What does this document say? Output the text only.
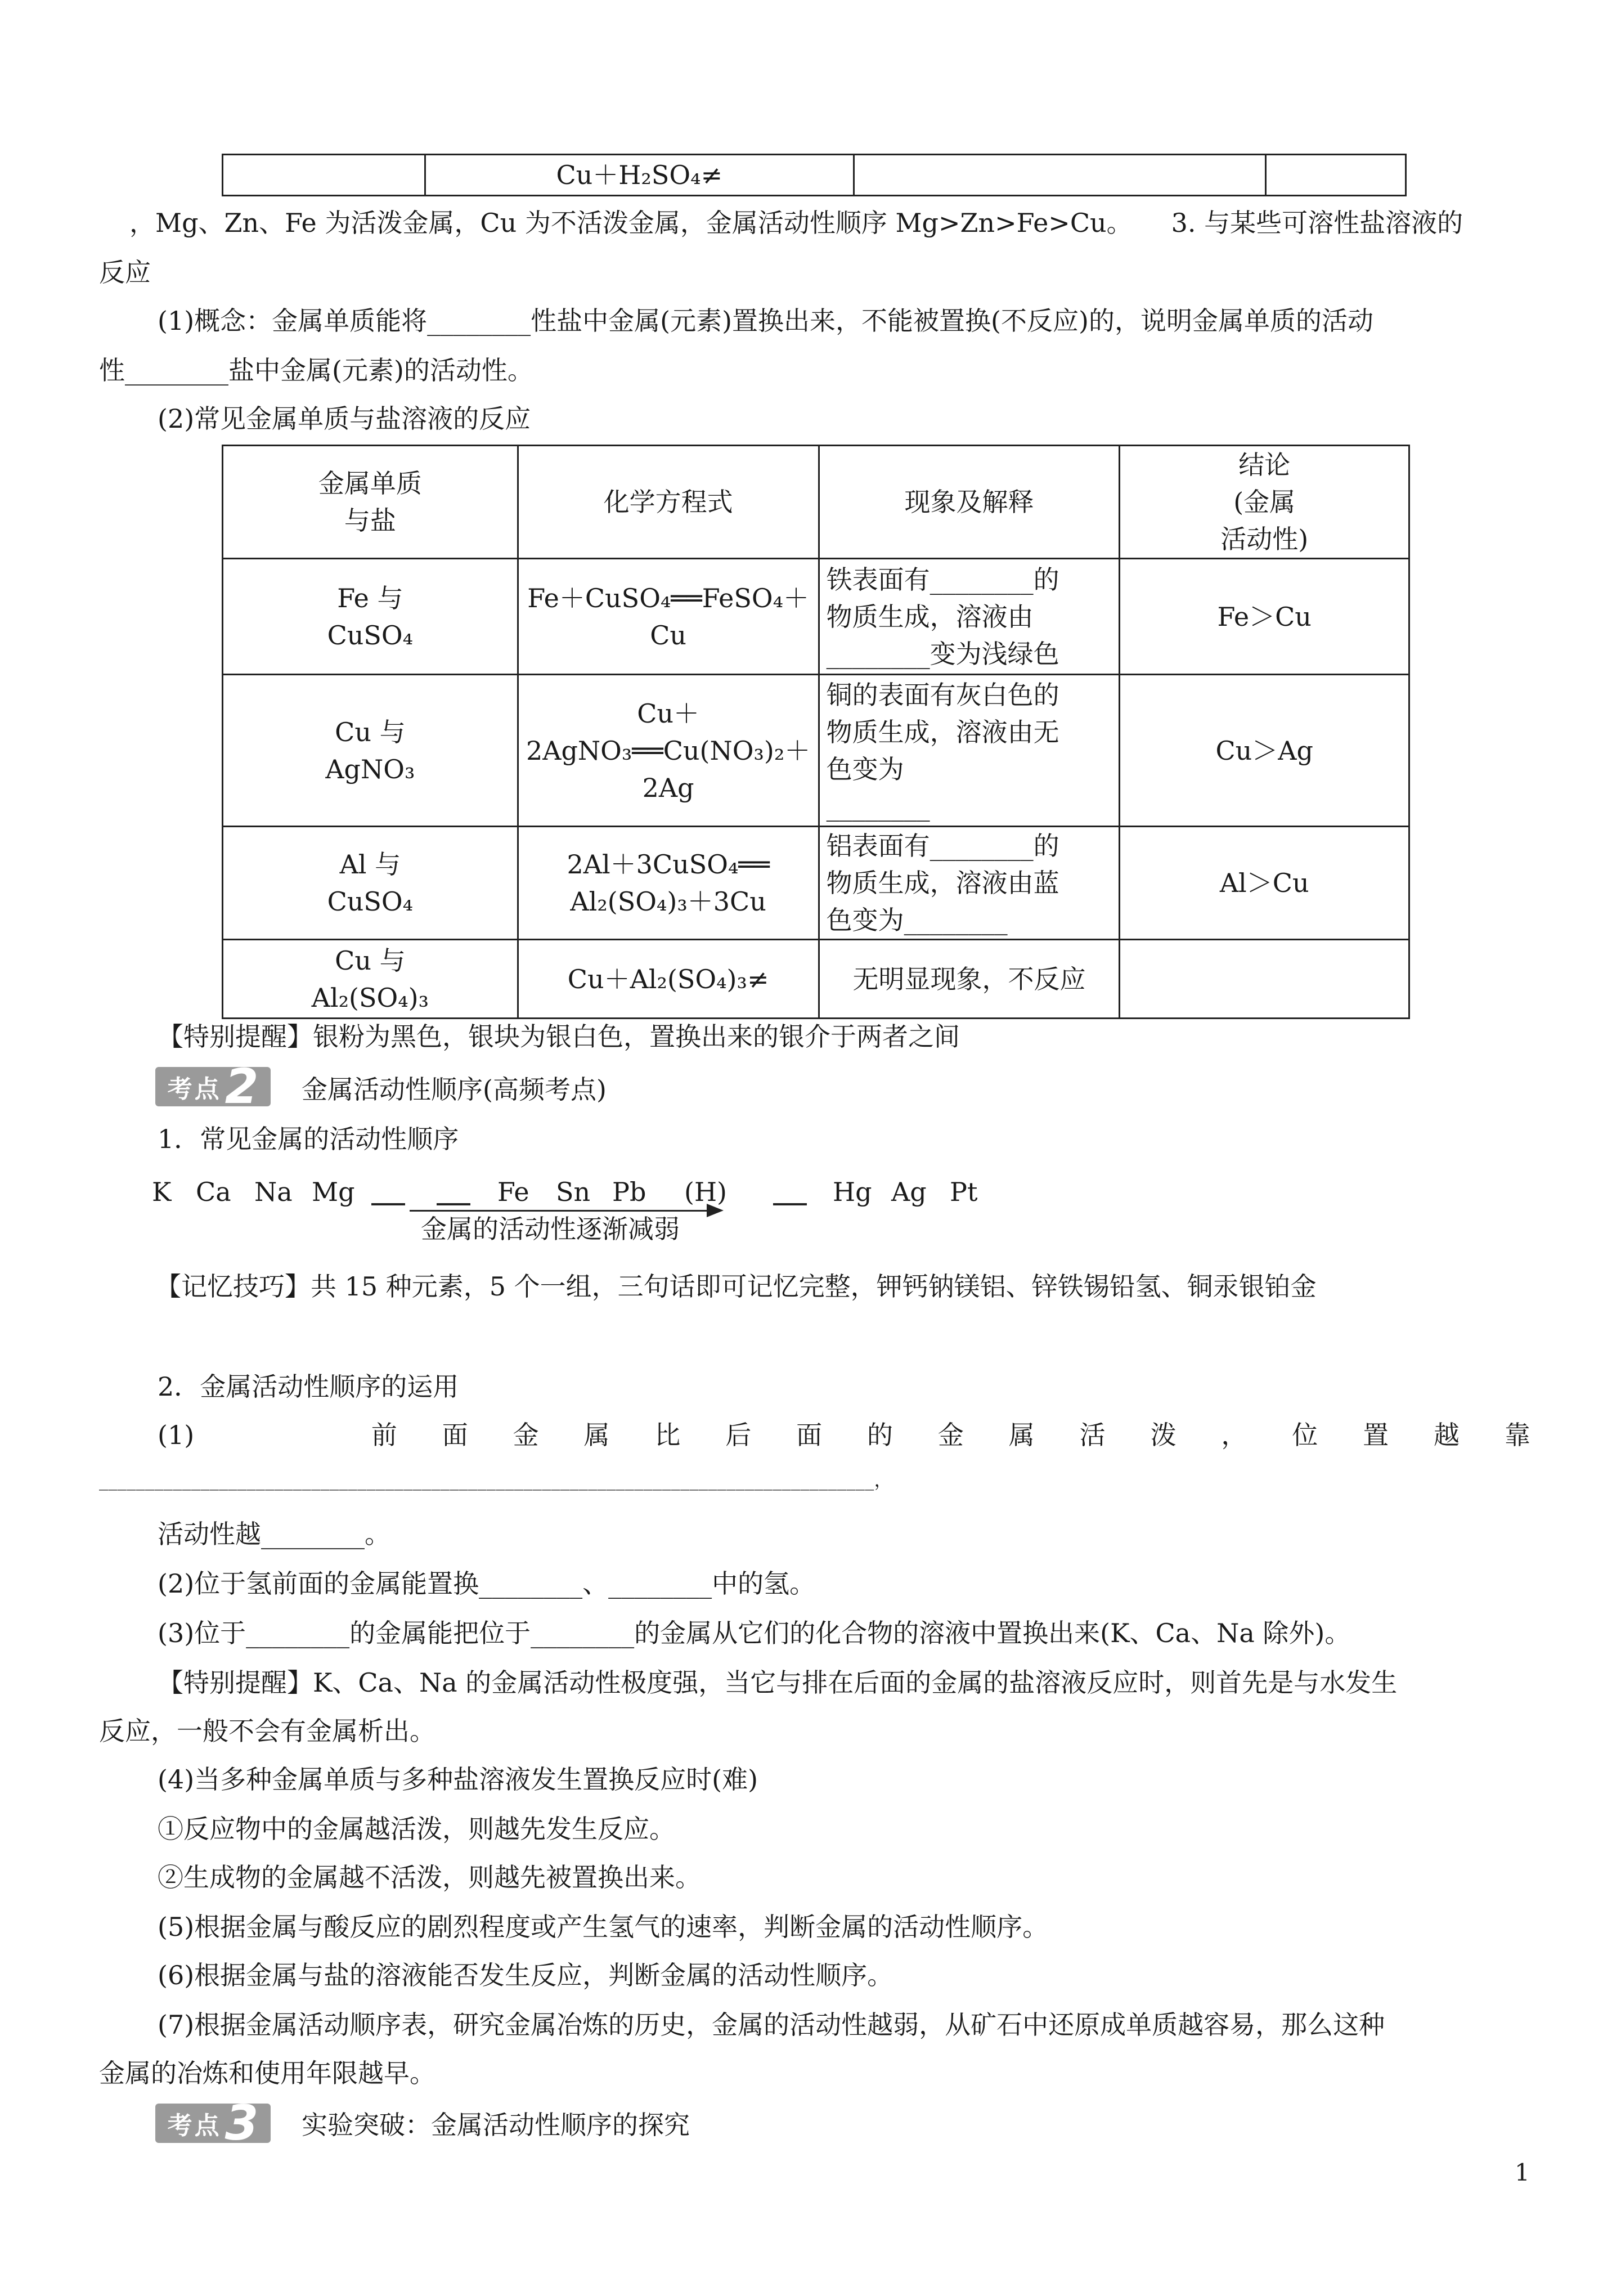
	Cu＋H₂SO₄≠		
，Mg、Zn、Fe 为活泼金属，Cu 为不活泼金属，金属活动性顺序 Mg>Zn>Fe>Cu。　　3. 与某些可溶性盐溶液的
反应
(1)概念：金属单质能将________性盐中金属(元素)置换出来，不能被置换(不反应)的，说明金属单质的活动
性________盐中金属(元素)的活动性。
(2)常见金属单质与盐溶液的反应
金属单质
与盐	化学方程式	现象及解释	结论
(金属
活动性)
Fe 与
CuSO₄	Fe＋CuSO₄══FeSO₄＋
Cu	铁表面有________的
物质生成，溶液由
________变为浅绿色	Fe＞Cu
Cu 与
AgNO₃	Cu＋
2AgNO₃══Cu(NO₃)₂＋
2Ag	铜的表面有灰白色的
物质生成，溶液由无
色变为
________	Cu＞Ag
Al 与
CuSO₄	2Al＋3CuSO₄══
Al₂(SO₄)₃＋3Cu	铝表面有________的
物质生成，溶液由蓝
色变为________	Al＞Cu
Cu 与
Al₂(SO₄)₃	Cu＋Al₂(SO₄)₃≠	无明显现象，不反应	
【特别提醒】银粉为黑色，银块为银白色，置换出来的银介于两者之间
考点 2 金属活动性顺序(高频考点)
1．常见金属的活动性顺序
K Ca Na Mg	Fe Sn Pb (H)	Hg Ag Pt
金属的活动性逐渐减弱
【记忆技巧】共 15 种元素，5 个一组，三句话即可记忆完整，钾钙钠镁铝、锌铁锡铅氢、铜汞银铂金
2．金属活动性顺序的运用
(1)	前 面 金 属 比 后 面 的 金 属 活 泼 ， 位 置 越 靠
____________________________________________________________________________________，
活动性越________。
(2)位于氢前面的金属能置换________、________中的氢。
(3)位于________的金属能把位于________的金属从它们的化合物的溶液中置换出来(K、Ca、Na 除外)。
【特别提醒】K、Ca、Na 的金属活动性极度强，当它与排在后面的金属的盐溶液反应时，则首先是与水发生
反应，一般不会有金属析出。
(4)当多种金属单质与多种盐溶液发生置换反应时(难)
①反应物中的金属越活泼，则越先发生反应。
②生成物的金属越不活泼，则越先被置换出来。
(5)根据金属与酸反应的剧烈程度或产生氢气的速率，判断金属的活动性顺序。
(6)根据金属与盐的溶液能否发生反应，判断金属的活动性顺序。
(7)根据金属活动顺序表，研究金属冶炼的历史，金属的活动性越弱，从矿石中还原成单质越容易，那么这种
金属的冶炼和使用年限越早。
考点 3 实验突破：金属活动性顺序的探究
1
